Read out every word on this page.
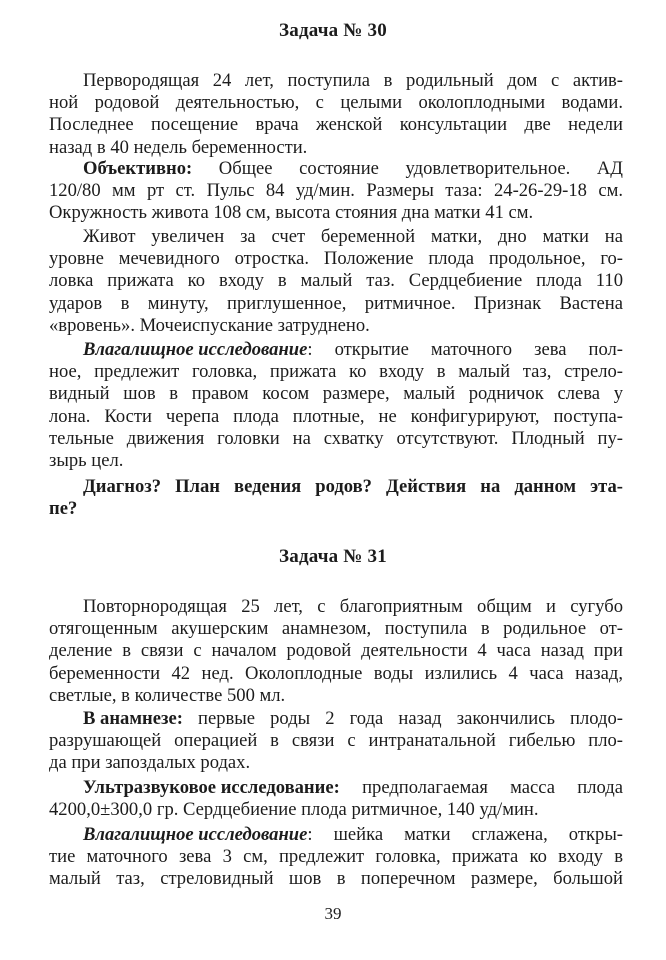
Задача № 30
Первородящая 24 лет, поступила в родильный дом с актив-
ной родовой деятельностью, с целыми околоплодными водами.
Последнее посещение врача женской консультации две недели
назад в 40 недель беременности.
Объективно: Общее состояние удовлетворительное. АД
120/80 мм рт ст. Пульс 84 уд/мин. Размеры таза: 24-26-29-18 см.
Окружность живота 108 см, высота стояния дна матки 41 см.
Живот увеличен за счет беременной матки, дно матки на
уровне мечевидного отростка. Положение плода продольное, го-
ловка прижата ко входу в малый таз. Сердцебиение плода 110
ударов в минуту, приглушенное, ритмичное. Признак Вастена
«вровень». Мочеиспускание затруднено.
Влагалищное исследование : открытие маточного зева пол-
ное, предлежит головка, прижата ко входу в малый таз, стрело-
видный шов в правом косом размере, малый родничок слева у
лона. Кости черепа плода плотные, не конфигурируют, поступа-
тельные движения головки на схватку отсутствуют. Плодный пу-
зырь цел.
Диагноз? План ведения родов? Действия на данном эта-
пе?
Задача № 31
Повторнородящая 25 лет, с благоприятным общим и сугубо
отягощенным акушерским анамнезом, поступила в родильное от-
деление в связи с началом родовой деятельности 4 часа назад при
беременности 42 нед. Околоплодные воды излились 4 часа назад,
светлые, в количестве 500 мл.
В анамнезе: первые роды 2 года назад закончились плодо-
разрушающей операцией в связи с интранатальной гибелью пло-
да при запоздалых родах.
Ультразвуковое исследование: предполагаемая масса плода
4200,0±300,0 гр. Сердцебиение плода ритмичное, 140 уд/мин.
Влагалищное исследование : шейка матки сглажена, откры-
тие маточного зева 3 см, предлежит головка, прижата ко входу в
малый таз, стреловидный шов в поперечном размере, большой
39
